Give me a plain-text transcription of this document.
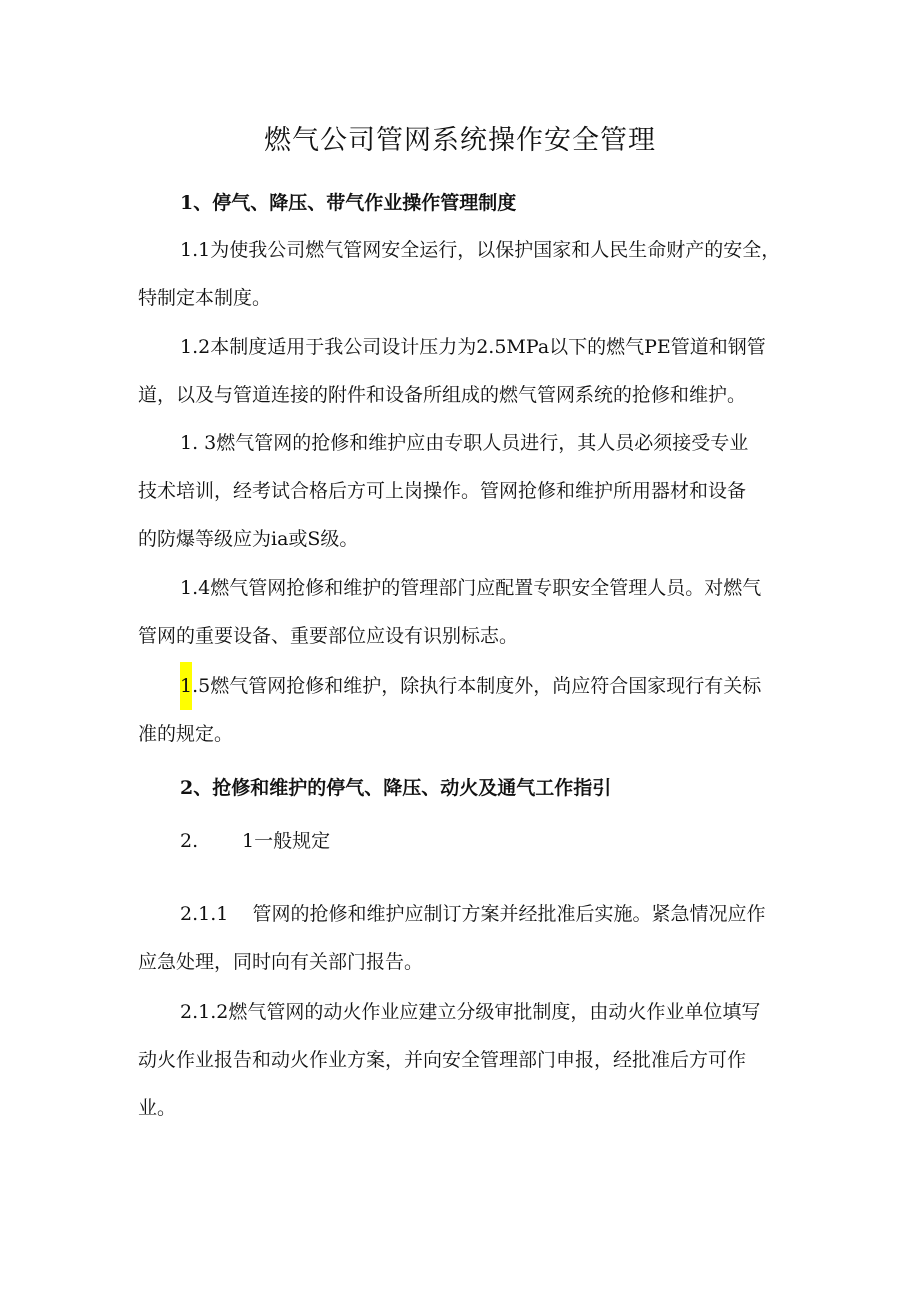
燃气公司管网系统操作安全管理
1、停气、降压、带气作业操作管理制度
1.1为使我公司燃气管网安全运行，以保护国家和人民生命财产的安全，
特制定本制度。
1.2本制度适用于我公司设计压力为2.5MPa以下的燃气PE管道和钢管
道，以及与管道连接的附件和设备所组成的燃气管网系统的抢修和维护。
1. 3燃气管网的抢修和维护应由专职人员进行，其人员必须接受专业
技术培训，经考试合格后方可上岗操作。管网抢修和维护所用器材和设备
的防爆等级应为ia或S级。
1.4燃气管网抢修和维护的管理部门应配置专职安全管理人员。对燃气
管网的重要设备、重要部位应设有识别标志。
1.5燃气管网抢修和维护，除执行本制度外，尚应符合国家现行有关标
准的规定。
2、抢修和维护的停气、降压、动火及通气工作指引
2. 1一般规定
2.1.1    管网的抢修和维护应制订方案并经批准后实施。紧急情况应作
应急处理，同时向有关部门报告。
2.1.2燃气管网的动火作业应建立分级审批制度，由动火作业单位填写
动火作业报告和动火作业方案，并向安全管理部门申报，经批准后方可作
业。
